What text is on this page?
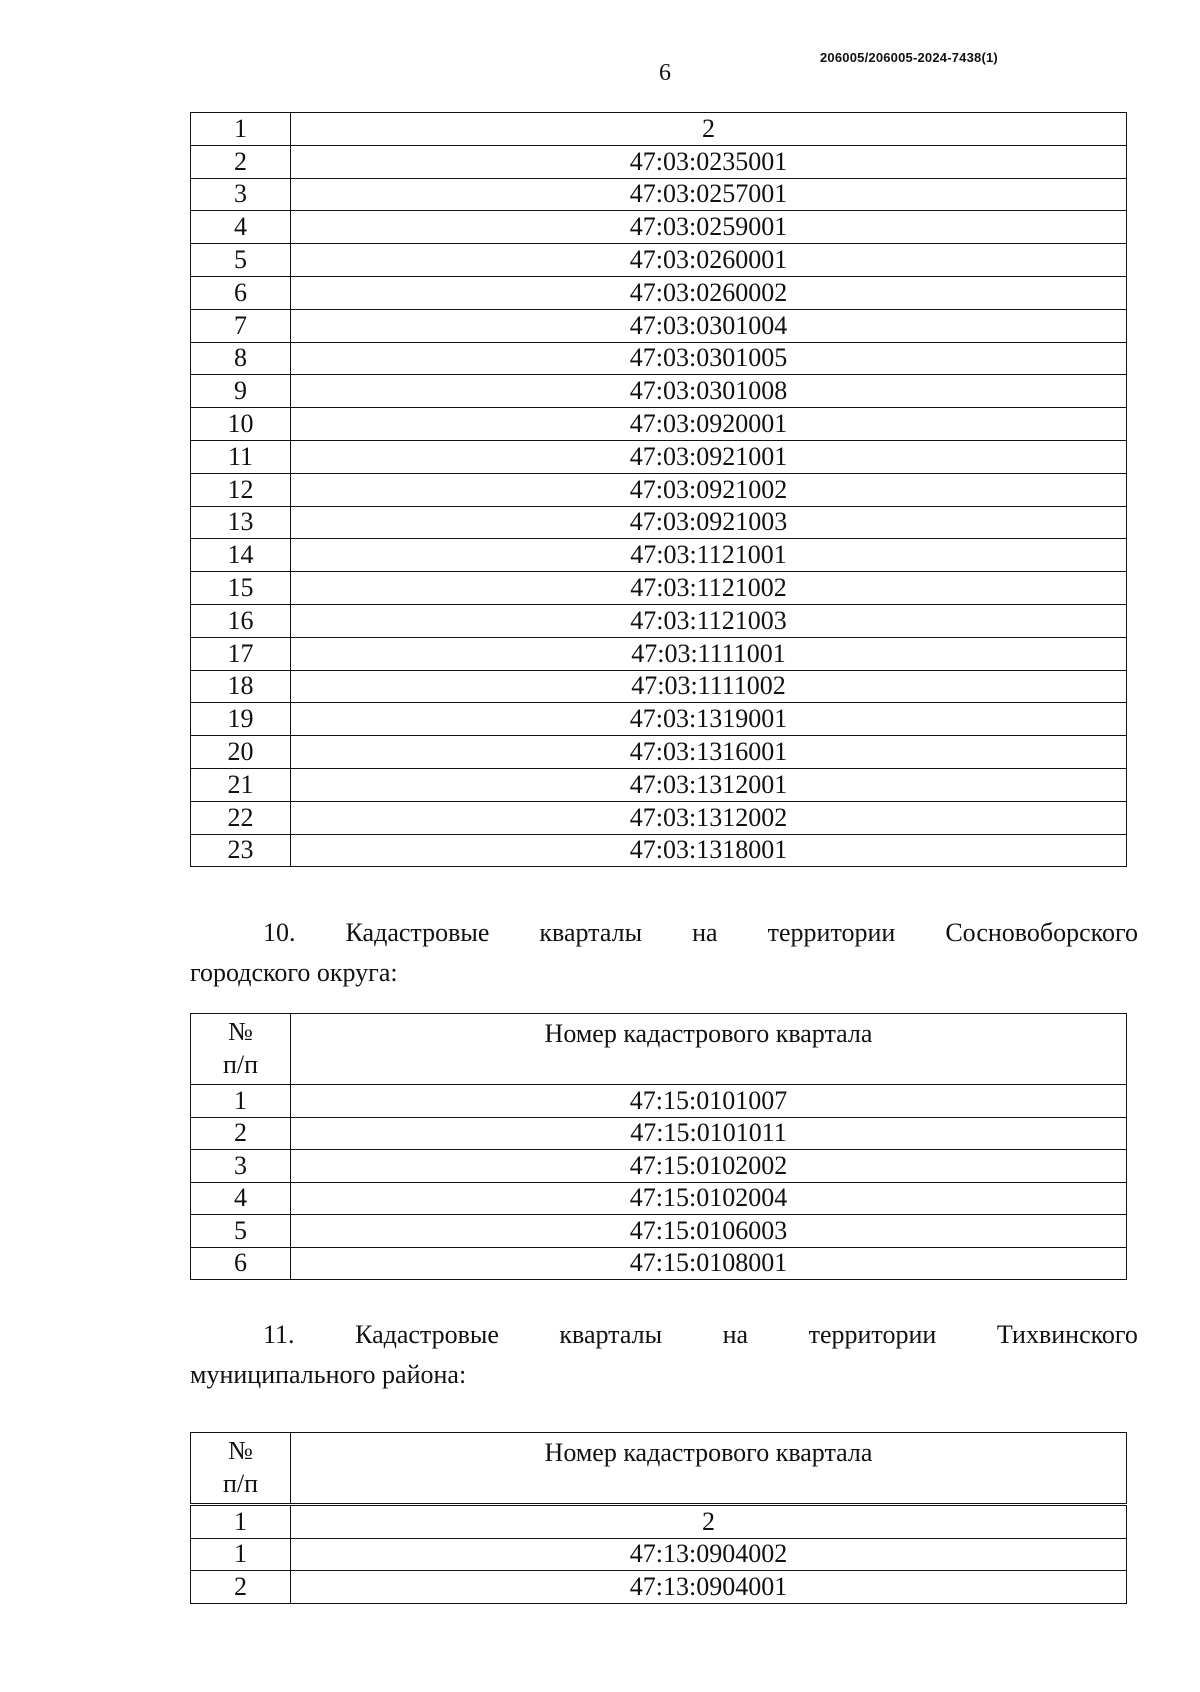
206005/206005-2024-7438(1)
6
1	2
2	47:03:0235001
3	47:03:0257001
4	47:03:0259001
5	47:03:0260001
6	47:03:0260002
7	47:03:0301004
8	47:03:0301005
9	47:03:0301008
10	47:03:0920001
11	47:03:0921001
12	47:03:0921002
13	47:03:0921003
14	47:03:1121001
15	47:03:1121002
16	47:03:1121003
17	47:03:1111001
18	47:03:1111002
19	47:03:1319001
20	47:03:1316001
21	47:03:1312001
22	47:03:1312002
23	47:03:1318001
10. Кадастровые кварталы на территории Сосновоборского
городского округа:
№
п/п	Номер кадастрового квартала
1	47:15:0101007
2	47:15:0101011
3	47:15:0102002
4	47:15:0102004
5	47:15:0106003
6	47:15:0108001
11. Кадастровые кварталы на территории Тихвинского
муниципального района:
№
п/п	Номер кадастрового квартала
1	2
1	47:13:0904002
2	47:13:0904001
